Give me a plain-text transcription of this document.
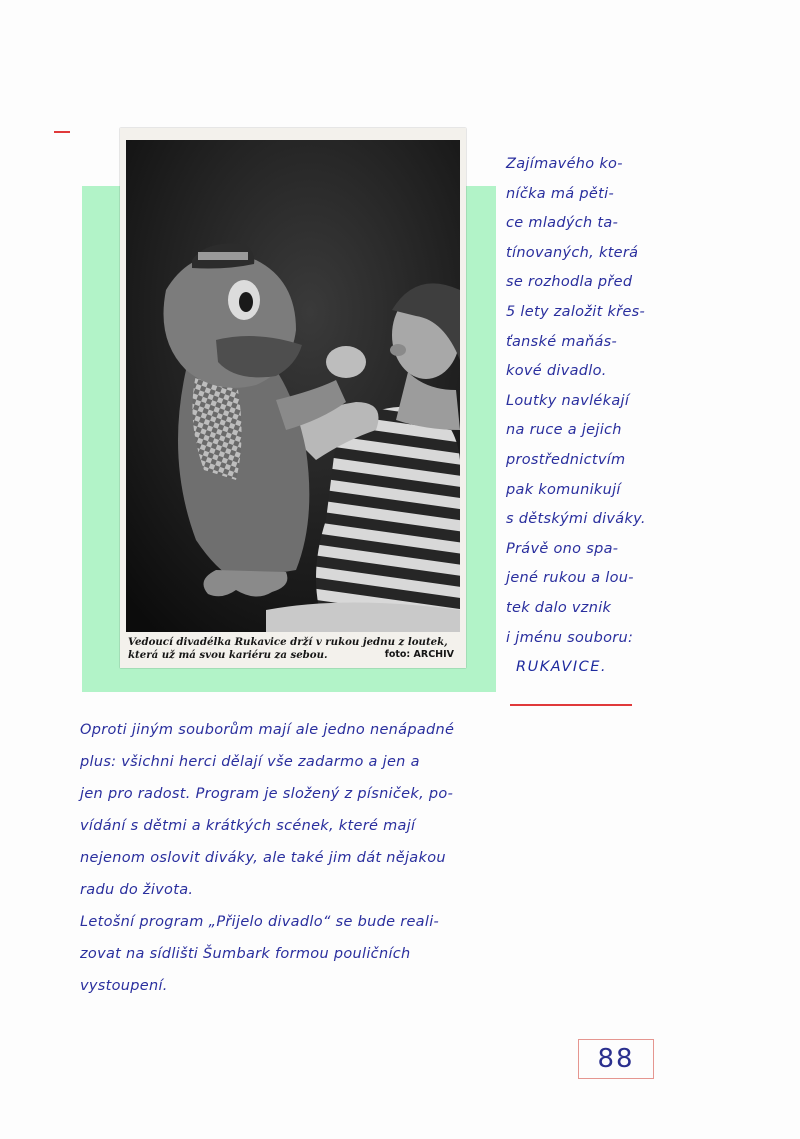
Vedoucí divadélka Rukavice drží v rukou jednu z loutek, která už má svou kariéru za sebou.	foto: ARCHIV
Zajímavého ko-
níčka má pěti-
ce mladých ta-
tínovaných, která
se rozhodla před
5 lety založit křes-
ťanské maňás-
kové divadlo.
Loutky navlékají
na ruce a jejich
prostřednictvím
pak komunikují
s dětskými diváky.
Právě ono spa-
jené rukou a lou-
tek dalo vznik
i jménu souboru:
RUKAVICE.
Oproti jiným souborům mají ale jedno nenápadné
plus: všichni herci dělají vše zadarmo a jen a
jen pro radost. Program je složený z písniček, po-
vídání s dětmi a krátkých scének, které mají
nejenom oslovit diváky, ale také jim dát nějakou
radu do života.
Letošní program „Přijelo divadlo“ se bude reali-
zovat na sídlišti Šumbark formou pouličních
vystoupení.
88
